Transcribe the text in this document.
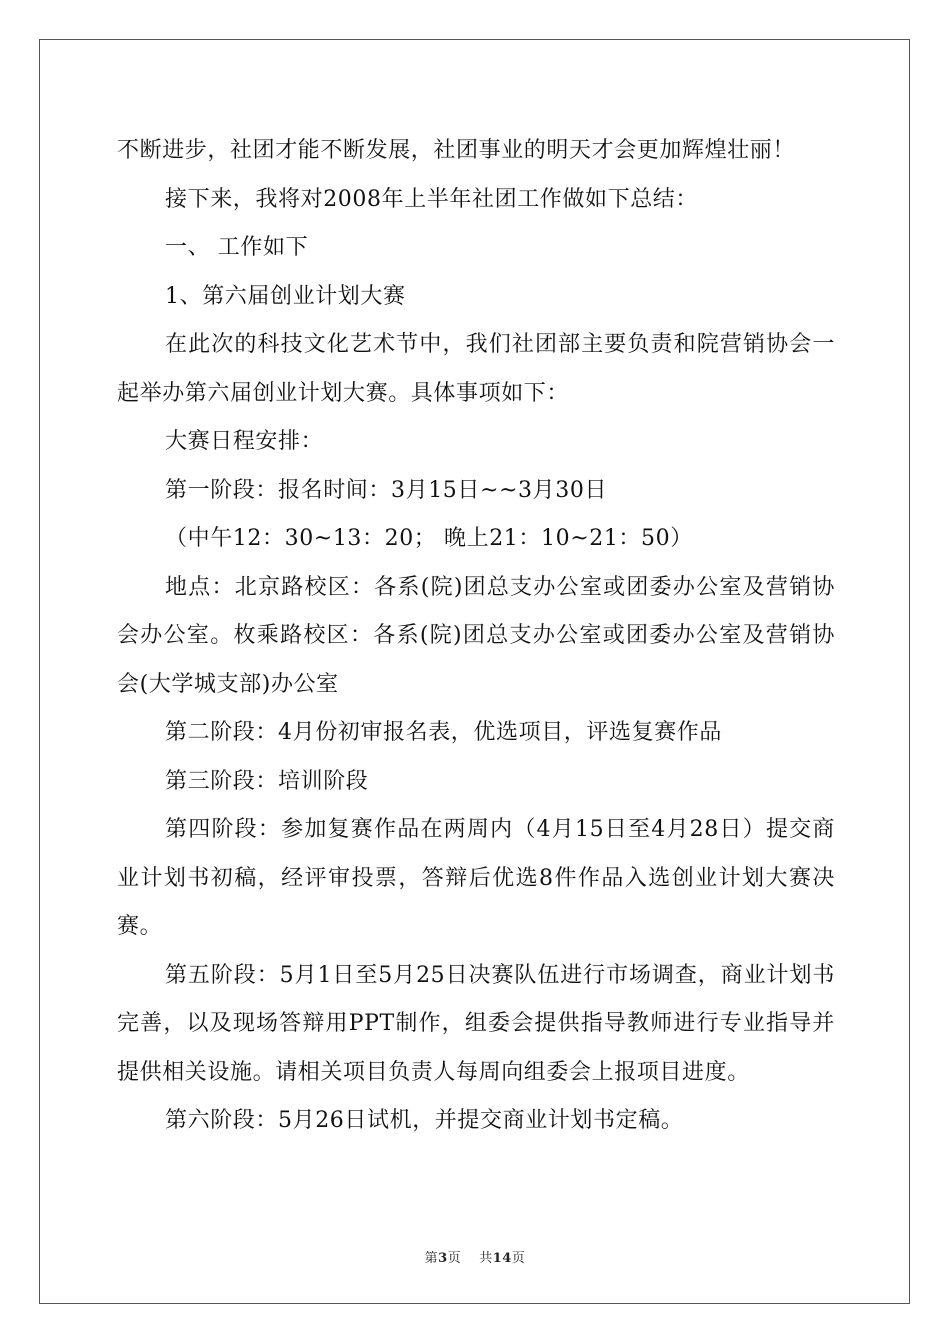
不断进步，社团才能不断发展，社团事业的明天才会更加辉煌壮丽！

接下来，我将对2008年上半年社团工作做如下总结：

一、 工作如下

1、第六届创业计划大赛

在此次的科技文化艺术节中，我们社团部主要负责和院营销协会一起举办第六届创业计划大赛。具体事项如下：

大赛日程安排：

第一阶段：报名时间：3月15日~~3月30日

（中午12：30~13：20； 晚上21：10~21：50）

地点：北京路校区：各系(院)团总支办公室或团委办公室及营销协会办公室。枚乘路校区：各系(院)团总支办公室或团委办公室及营销协会(大学城支部)办公室

第二阶段：4月份初审报名表，优选项目，评选复赛作品

第三阶段：培训阶段

第四阶段：参加复赛作品在两周内（4月15日至4月28日）提交商业计划书初稿，经评审投票，答辩后优选8件作品入选创业计划大赛决赛。

第五阶段：5月1日至5月25日决赛队伍进行市场调查，商业计划书完善，以及现场答辩用PPT制作，组委会提供指导教师进行专业指导并提供相关设施。请相关项目负责人每周向组委会上报项目进度。

第六阶段：5月26日试机，并提交商业计划书定稿。

第3页 共14页
